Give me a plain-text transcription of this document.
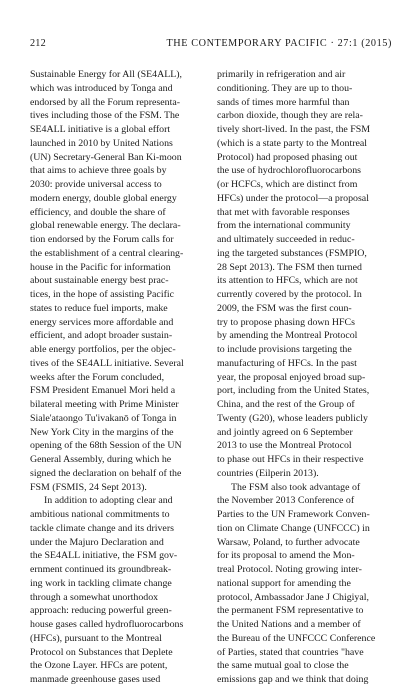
212	THE CONTEMPORARY PACIFIC · 27:1 (2015)

Sustainable Energy for All (SE4ALL),

which was introduced by Tonga and

endorsed by all the Forum representa-

tives including those of the FSM. The

SE4ALL initiative is a global effort

launched in 2010 by United Nations

(UN) Secretary-General Ban Ki-moon

that aims to achieve three goals by

2030: provide universal access to

modern energy, double global energy

efficiency, and double the share of

global renewable energy. The declara-

tion endorsed by the Forum calls for

the establishment of a central clearing-

house in the Pacific for information

about sustainable energy best prac-

tices, in the hope of assisting Pacific

states to reduce fuel imports, make

energy services more affordable and

efficient, and adopt broader sustain-

able energy portfolios, per the objec-

tives of the SE4ALL initiative. Several

weeks after the Forum concluded,

FSM President Emanuel Mori held a

bilateral meeting with Prime Minister

Siale'ataongo Tu'ivakanō of Tonga in

New York City in the margins of the

opening of the 68th Session of the UN

General Assembly, during which he

signed the declaration on behalf of the

FSM (FSMIS, 24 Sept 2013).

In addition to adopting clear and

ambitious national commitments to

tackle climate change and its drivers

under the Majuro Declaration and

the SE4ALL initiative, the FSM gov-

ernment continued its groundbreak-

ing work in tackling climate change

through a somewhat unorthodox

approach: reducing powerful green-

house gases called hydrofluorocarbons

(HFCs), pursuant to the Montreal

Protocol on Substances that Deplete

the Ozone Layer. HFCs are potent,

manmade greenhouse gases used

primarily in refrigeration and air

conditioning. They are up to thou-

sands of times more harmful than

carbon dioxide, though they are rela-

tively short-lived. In the past, the FSM

(which is a state party to the Montreal

Protocol) had proposed phasing out

the use of hydrochlorofluorocarbons

(or HCFCs, which are distinct from

HFCs) under the protocol—a proposal

that met with favorable responses

from the international community

and ultimately succeeded in reduc-

ing the targeted substances (FSMPIO,

28 Sept 2013). The FSM then turned

its attention to HFCs, which are not

currently covered by the protocol. In

2009, the FSM was the first coun-

try to propose phasing down HFCs

by amending the Montreal Protocol

to include provisions targeting the

manufacturing of HFCs. In the past

year, the proposal enjoyed broad sup-

port, including from the United States,

China, and the rest of the Group of

Twenty (G20), whose leaders publicly

and jointly agreed on 6 September

2013 to use the Montreal Protocol

to phase out HFCs in their respective

countries (Eilperin 2013).

The FSM also took advantage of

the November 2013 Conference of

Parties to the UN Framework Conven-

tion on Climate Change (UNFCCC) in

Warsaw, Poland, to further advocate

for its proposal to amend the Mon-

treal Protocol. Noting growing inter-

national support for amending the

protocol, Ambassador Jane J Chigiyal,

the permanent FSM representative to

the United Nations and a member of

the Bureau of the UNFCCC Conference

of Parties, stated that countries "have

the same mutual goal to close the

emissions gap and we think that doing
